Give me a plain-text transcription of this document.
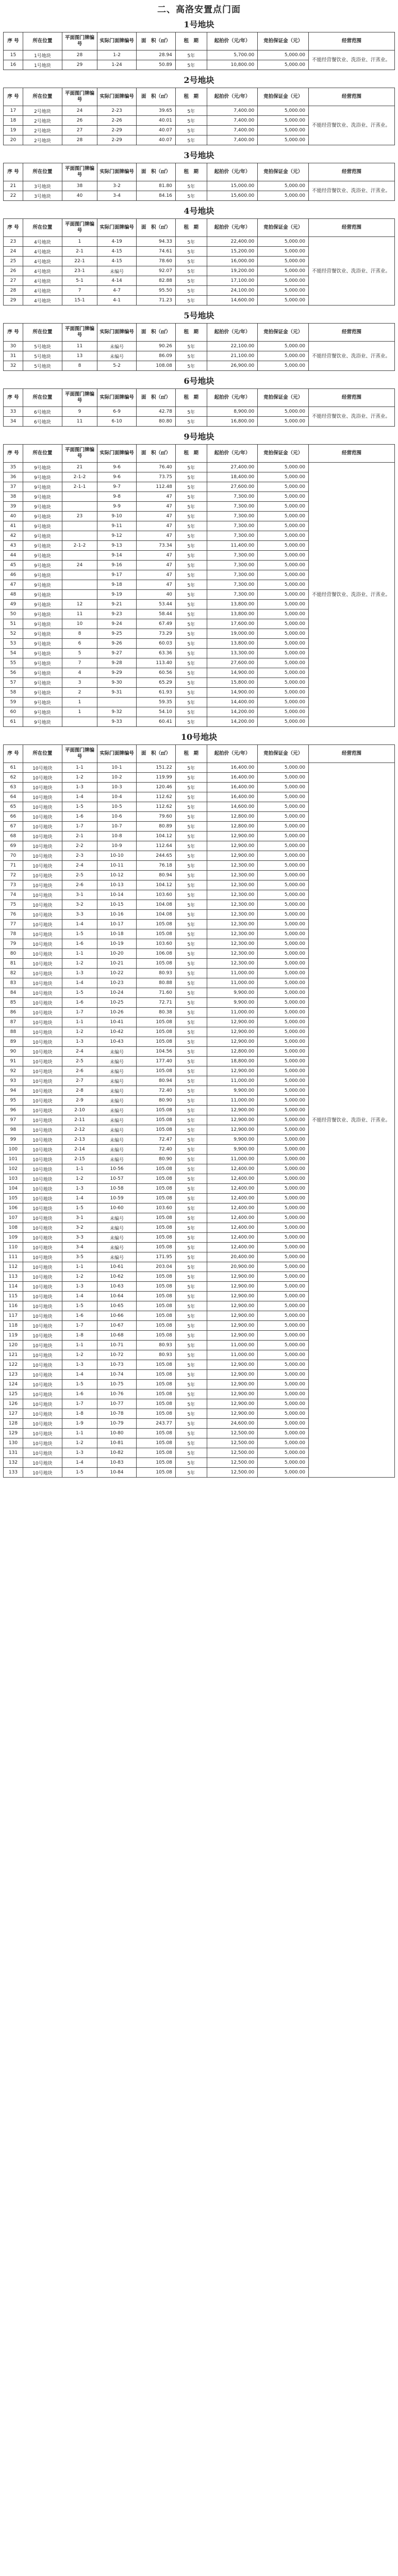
二、高洛安置点门面
1号地块
序 号	所在位置	平面图门牌编号	实际门面牌编号	面　积（㎡）	租　期	起拍价（元/年）	竞拍保证金（元）	经营范围
15	1号地块	28	1-2	28.94	5年	5,700.00	5,000.00	不能经营餐饮业、洗浴业、汗蒸业。
16	1号地块	29	1-24	50.89	5年	10,800.00	5,000.00	
2号地块
序 号	所在位置	平面图门牌编号	实际门面牌编号	面　积（㎡）	租　期	起拍价（元/年）	竞拍保证金（元）	经营范围
17	2号地块	24	2-23	39.65	5年	7,400.00	5,000.00	不能经营餐饮业、洗浴业、汗蒸业。
18	2号地块	26	2-26	40.01	5年	7,400.00	5,000.00	
19	2号地块	27	2-29	40.07	5年	7,400.00	5,000.00	
20	2号地块	28	2-29	40.07	5年	7,400.00	5,000.00	
3号地块
序 号	所在位置	平面图门牌编号	实际门面牌编号	面　积（㎡）	租　期	起拍价（元/年）	竞拍保证金（元）	经营范围
21	3号地块	38	3-2	81.80	5年	15,000.00	5,000.00	不能经营餐饮业、洗浴业、汗蒸业。
22	3号地块	40	3-4	84.16	5年	15,600.00	5,000.00	
4号地块
序 号	所在位置	平面图门牌编号	实际门面牌编号	面　积（㎡）	租　期	起拍价（元/年）	竞拍保证金（元）	经营范围
23	4号地块	1	4-19	94.33	5年	22,400.00	5,000.00	不能经营餐饮业、洗浴业、汗蒸业。
24	4号地块	2-1	4-15	74.61	5年	15,200.00	5,000.00	
25	4号地块	22-1	4-15	78.60	5年	16,000.00	5,000.00	
26	4号地块	23-1	未编号	92.07	5年	19,200.00	5,000.00	
27	4号地块	5-1	4-14	82.88	5年	17,100.00	5,000.00	
28	4号地块	7	4-7	95.50	5年	24,100.00	5,000.00	
29	4号地块	15-1	4-1	71.23	5年	14,600.00	5,000.00	
5号地块
序 号	所在位置	平面图门牌编号	实际门面牌编号	面　积（㎡）	租　期	起拍价（元/年）	竞拍保证金（元）	经营范围
30	5号地块	11	未编号	90.26	5年	22,100.00	5,000.00	不能经营餐饮业、洗浴业、汗蒸业。
31	5号地块	13	未编号	86.09	5年	21,100.00	5,000.00	
32	5号地块	8	5-2	108.08	5年	26,900.00	5,000.00	
6号地块
序 号	所在位置	平面图门牌编号	实际门面牌编号	面　积（㎡）	租　期	起拍价（元/年）	竞拍保证金（元）	经营范围
33	6号地块	9	6-9	42.78	5年	8,900.00	5,000.00	不能经营餐饮业、洗浴业、汗蒸业。
34	6号地块	11	6-10	80.80	5年	16,800.00	5,000.00	
9号地块
序 号	所在位置	平面图门牌编号	实际门面牌编号	面　积（㎡）	租　期	起拍价（元/年）	竞拍保证金（元）	经营范围
35	9号地块	21	9-6	76.40	5年	27,400.00	5,000.00	不能经营餐饮业、洗浴业、汗蒸业。
36	9号地块	2-1-2	9-6	73.75	5年	18,400.00	5,000.00	
37	9号地块	2-1-1	9-7	112.48	5年	27,600.00	5,000.00	
38	9号地块		9-8	47	5年	7,300.00	5,000.00	
39	9号地块		9-9	47	5年	7,300.00	5,000.00	
40	9号地块	23	9-10	47	5年	7,300.00	5,000.00	
41	9号地块		9-11	47	5年	7,300.00	5,000.00	
42	9号地块		9-12	47	5年	7,300.00	5,000.00	
43	9号地块	2-1-2	9-13	73.34	5年	11,400.00	5,000.00	
44	9号地块		9-14	47	5年	7,300.00	5,000.00	
45	9号地块	24	9-16	47	5年	7,300.00	5,000.00	
46	9号地块		9-17	47	5年	7,300.00	5,000.00	
47	9号地块		9-18	47	5年	7,300.00	5,000.00	
48	9号地块		9-19	40	5年	7,300.00	5,000.00	
49	9号地块	12	9-21	53.44	5年	13,800.00	5,000.00	
50	9号地块	11	9-23	58.44	5年	13,800.00	5,000.00	
51	9号地块	10	9-24	67.49	5年	17,600.00	5,000.00	
52	9号地块	8	9-25	73.29	5年	19,000.00	5,000.00	
53	9号地块	6	9-26	60.03	5年	13,800.00	5,000.00	
54	9号地块	5	9-27	63.36	5年	13,300.00	5,000.00	
55	9号地块	7	9-28	113.40	5年	27,600.00	5,000.00	
56	9号地块	4	9-29	60.56	5年	14,900.00	5,000.00	
57	9号地块	3	9-30	65.29	5年	15,800.00	5,000.00	
58	9号地块	2	9-31	61.93	5年	14,900.00	5,000.00	
59	9号地块	1		59.35	5年	14,400.00	5,000.00	
60	9号地块	1	9-32	54.10	5年	14,200.00	5,000.00	
61	9号地块		9-33	60.41	5年	14,200.00	5,000.00	
10号地块
序 号	所在位置	平面图门牌编号	实际门面牌编号	面　积（㎡）	租　期	起拍价（元/年）	竞拍保证金（元）	经营范围
61	10号地块	1-1	10-1	151.22	5年	16,400.00	5,000.00	不能经营餐饮业、洗浴业、汗蒸业。
62	10号地块	1-2	10-2	119.99	5年	16,400.00	5,000.00	
63	10号地块	1-3	10-3	120.46	5年	16,400.00	5,000.00	
64	10号地块	1-4	10-4	112.62	5年	16,400.00	5,000.00	
65	10号地块	1-5	10-5	112.62	5年	14,600.00	5,000.00	
66	10号地块	1-6	10-6	79.60	5年	12,800.00	5,000.00	
67	10号地块	1-7	10-7	80.89	5年	12,800.00	5,000.00	
68	10号地块	2-1	10-8	104.12	5年	12,900.00	5,000.00	
69	10号地块	2-2	10-9	112.64	5年	12,900.00	5,000.00	
70	10号地块	2-3	10-10	244.65	5年	12,900.00	5,000.00	
71	10号地块	2-4	10-11	76.18	5年	12,300.00	5,000.00	
72	10号地块	2-5	10-12	80.94	5年	12,300.00	5,000.00	
73	10号地块	2-6	10-13	104.12	5年	12,300.00	5,000.00	
74	10号地块	3-1	10-14	103.60	5年	12,300.00	5,000.00	
75	10号地块	3-2	10-15	104.08	5年	12,300.00	5,000.00	
76	10号地块	3-3	10-16	104.08	5年	12,300.00	5,000.00	
77	10号地块	1-4	10-17	105.08	5年	12,300.00	5,000.00	
78	10号地块	1-5	10-18	105.08	5年	12,300.00	5,000.00	
79	10号地块	1-6	10-19	103.60	5年	12,300.00	5,000.00	
80	10号地块	1-1	10-20	106.08	5年	12,300.00	5,000.00	
81	10号地块	1-2	10-21	105.08	5年	12,300.00	5,000.00	
82	10号地块	1-3	10-22	80.93	5年	11,000.00	5,000.00	
83	10号地块	1-4	10-23	80.88	5年	11,000.00	5,000.00	
84	10号地块	1-5	10-24	71.60	5年	9,900.00	5,000.00	
85	10号地块	1-6	10-25	72.71	5年	9,900.00	5,000.00	
86	10号地块	1-7	10-26	80.38	5年	11,000.00	5,000.00	
87	10号地块	1-1	10-41	105.08	5年	12,900.00	5,000.00	
88	10号地块	1-2	10-42	105.08	5年	12,900.00	5,000.00	
89	10号地块	1-3	10-43	105.08	5年	12,900.00	5,000.00	
90	10号地块	2-4	未编号	104.56	5年	12,800.00	5,000.00	
91	10号地块	2-5	未编号	177.40	5年	18,800.00	5,000.00	
92	10号地块	2-6	未编号	105.08	5年	12,900.00	5,000.00	
93	10号地块	2-7	未编号	80.94	5年	11,000.00	5,000.00	
94	10号地块	2-8	未编号	72.40	5年	9,900.00	5,000.00	
95	10号地块	2-9	未编号	80.90	5年	11,000.00	5,000.00	
96	10号地块	2-10	未编号	105.08	5年	12,900.00	5,000.00	
97	10号地块	2-11	未编号	105.08	5年	12,900.00	5,000.00	
98	10号地块	2-12	未编号	105.08	5年	12,900.00	5,000.00	
99	10号地块	2-13	未编号	72.47	5年	9,900.00	5,000.00	
100	10号地块	2-14	未编号	72.40	5年	9,900.00	5,000.00	
101	10号地块	2-15	未编号	80.90	5年	11,000.00	5,000.00	
102	10号地块	1-1	10-56	105.08	5年	12,400.00	5,000.00	
103	10号地块	1-2	10-57	105.08	5年	12,400.00	5,000.00	
104	10号地块	1-3	10-58	105.08	5年	12,400.00	5,000.00	
105	10号地块	1-4	10-59	105.08	5年	12,400.00	5,000.00	
106	10号地块	1-5	10-60	103.60	5年	12,400.00	5,000.00	
107	10号地块	3-1	未编号	105.08	5年	12,400.00	5,000.00	
108	10号地块	3-2	未编号	105.08	5年	12,400.00	5,000.00	
109	10号地块	3-3	未编号	105.08	5年	12,400.00	5,000.00	
110	10号地块	3-4	未编号	105.08	5年	12,400.00	5,000.00	
111	10号地块	3-5	未编号	171.95	5年	20,400.00	5,000.00	
112	10号地块	1-1	10-61	203.04	5年	20,900.00	5,000.00	
113	10号地块	1-2	10-62	105.08	5年	12,900.00	5,000.00	
114	10号地块	1-3	10-63	105.08	5年	12,900.00	5,000.00	
115	10号地块	1-4	10-64	105.08	5年	12,900.00	5,000.00	
116	10号地块	1-5	10-65	105.08	5年	12,900.00	5,000.00	
117	10号地块	1-6	10-66	105.08	5年	12,900.00	5,000.00	
118	10号地块	1-7	10-67	105.08	5年	12,900.00	5,000.00	
119	10号地块	1-8	10-68	105.08	5年	12,900.00	5,000.00	
120	10号地块	1-1	10-71	80.93	5年	11,000.00	5,000.00	
121	10号地块	1-2	10-72	80.93	5年	11,000.00	5,000.00	
122	10号地块	1-3	10-73	105.08	5年	12,900.00	5,000.00	
123	10号地块	1-4	10-74	105.08	5年	12,900.00	5,000.00	
124	10号地块	1-5	10-75	105.08	5年	12,900.00	5,000.00	
125	10号地块	1-6	10-76	105.08	5年	12,900.00	5,000.00	
126	10号地块	1-7	10-77	105.08	5年	12,900.00	5,000.00	
127	10号地块	1-8	10-78	105.08	5年	12,900.00	5,000.00	
128	10号地块	1-9	10-79	243.77	5年	24,600.00	5,000.00	
129	10号地块	1-1	10-80	105.08	5年	12,500.00	5,000.00	
130	10号地块	1-2	10-81	105.08	5年	12,500.00	5,000.00	
131	10号地块	1-3	10-82	105.08	5年	12,500.00	5,000.00	
132	10号地块	1-4	10-83	105.08	5年	12,500.00	5,000.00	
133	10号地块	1-5	10-84	105.08	5年	12,500.00	5,000.00	
